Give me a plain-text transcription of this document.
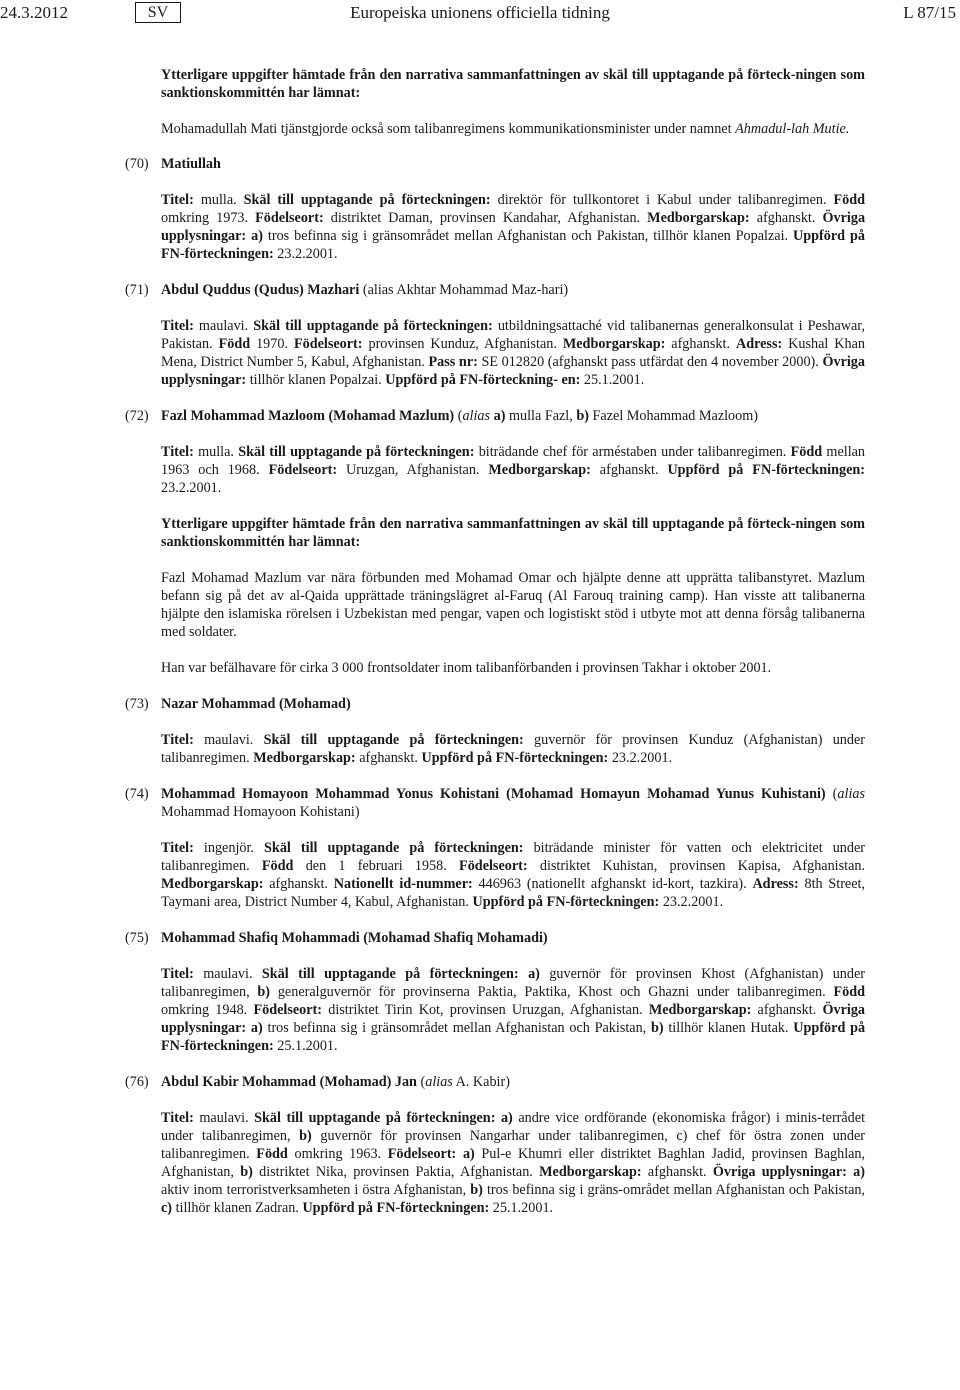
Europeiska unionens officiella tidning
24.3.2012	SV	L 87/15

Ytterligare uppgifter hämtade från den narrativa sammanfattningen av skäl till upptagande på förteck-ningen som sanktionskommittén har lämnat:

Mohamadullah Mati tjänstgjorde också som talibanregimens kommunikationsminister under namnet Ahmadul-lah Mutie.

(70) Matiullah

Titel: mulla. Skäl till upptagande på förteckningen: direktör för tullkontoret i Kabul under talibanregimen. Född omkring 1973. Födelseort: distriktet Daman, provinsen Kandahar, Afghanistan. Medborgarskap: afghanskt. Övriga upplysningar: a) tros befinna sig i gränsområdet mellan Afghanistan och Pakistan, tillhör klanen Popalzai. Uppförd på FN-förteckningen: 23.2.2001.

(71) Abdul Quddus (Qudus) Mazhari (alias Akhtar Mohammad Maz-hari)

Titel: maulavi. Skäl till upptagande på förteckningen: utbildningsattaché vid talibanernas generalkonsulat i Peshawar, Pakistan. Född 1970. Födelseort: provinsen Kunduz, Afghanistan. Medborgarskap: afghanskt. Adress: Kushal Khan Mena, District Number 5, Kabul, Afghanistan. Pass nr: SE 012820 (afghanskt pass utfärdat den 4 november 2000). Övriga upplysningar: tillhör klanen Popalzai. Uppförd på FN-förteckning- en: 25.1.2001.

(72) Fazl Mohammad Mazloom (Mohamad Mazlum) (alias a) mulla Fazl, b) Fazel Mohammad Mazloom)

Titel: mulla. Skäl till upptagande på förteckningen: biträdande chef för arméstaben under talibanregimen. Född mellan 1963 och 1968. Födelseort: Uruzgan, Afghanistan. Medborgarskap: afghanskt. Uppförd på FN-förteckningen: 23.2.2001.

Ytterligare uppgifter hämtade från den narrativa sammanfattningen av skäl till upptagande på förteck-ningen som sanktionskommittén har lämnat:

Fazl Mohamad Mazlum var nära förbunden med Mohamad Omar och hjälpte denne att upprätta talibanstyret. Mazlum befann sig på det av al-Qaida upprättade träningslägret al-Faruq (Al Farouq training camp). Han visste att talibanerna hjälpte den islamiska rörelsen i Uzbekistan med pengar, vapen och logistiskt stöd i utbyte mot att denna försåg talibanerna med soldater.

Han var befälhavare för cirka 3 000 frontsoldater inom talibanförbanden i provinsen Takhar i oktober 2001.

(73) Nazar Mohammad (Mohamad)

Titel: maulavi. Skäl till upptagande på förteckningen: guvernör för provinsen Kunduz (Afghanistan) under talibanregimen. Medborgarskap: afghanskt. Uppförd på FN-förteckningen: 23.2.2001.

(74) Mohammad Homayoon Mohammad Yonus Kohistani (Mohamad Homayun Mohamad Yunus Kuhistani) (alias Mohammad Homayoon Kohistani)

Titel: ingenjör. Skäl till upptagande på förteckningen: biträdande minister för vatten och elektricitet under talibanregimen. Född den 1 februari 1958. Födelseort: distriktet Kuhistan, provinsen Kapisa, Afghanistan. Medborgarskap: afghanskt. Nationellt id-nummer: 446963 (nationellt afghanskt id-kort, tazkira). Adress: 8th Street, Taymani area, District Number 4, Kabul, Afghanistan. Uppförd på FN-förteckningen: 23.2.2001.

(75) Mohammad Shafiq Mohammadi (Mohamad Shafiq Mohamadi)

Titel: maulavi. Skäl till upptagande på förteckningen: a) guvernör för provinsen Khost (Afghanistan) under talibanregimen, b) generalguvernör för provinserna Paktia, Paktika, Khost och Ghazni under talibanregimen. Född omkring 1948. Födelseort: distriktet Tirin Kot, provinsen Uruzgan, Afghanistan. Medborgarskap: afghanskt. Övriga upplysningar: a) tros befinna sig i gränsområdet mellan Afghanistan och Pakistan, b) tillhör klanen Hutak. Uppförd på FN-förteckningen: 25.1.2001.

(76) Abdul Kabir Mohammad (Mohamad) Jan (alias A. Kabir)

Titel: maulavi. Skäl till upptagande på förteckningen: a) andre vice ordförande (ekonomiska frågor) i minis-terrådet under talibanregimen, b) guvernör för provinsen Nangarhar under talibanregimen, c) chef för östra zonen under talibanregimen. Född omkring 1963. Födelseort: a) Pul-e Khumri eller distriktet Baghlan Jadid, provinsen Baghlan, Afghanistan, b) distriktet Nika, provinsen Paktia, Afghanistan. Medborgarskap: afghanskt. Övriga upplysningar: a) aktiv inom terroristverksamheten i östra Afghanistan, b) tros befinna sig i gräns-området mellan Afghanistan och Pakistan, c) tillhör klanen Zadran. Uppförd på FN-förteckningen: 25.1.2001.
